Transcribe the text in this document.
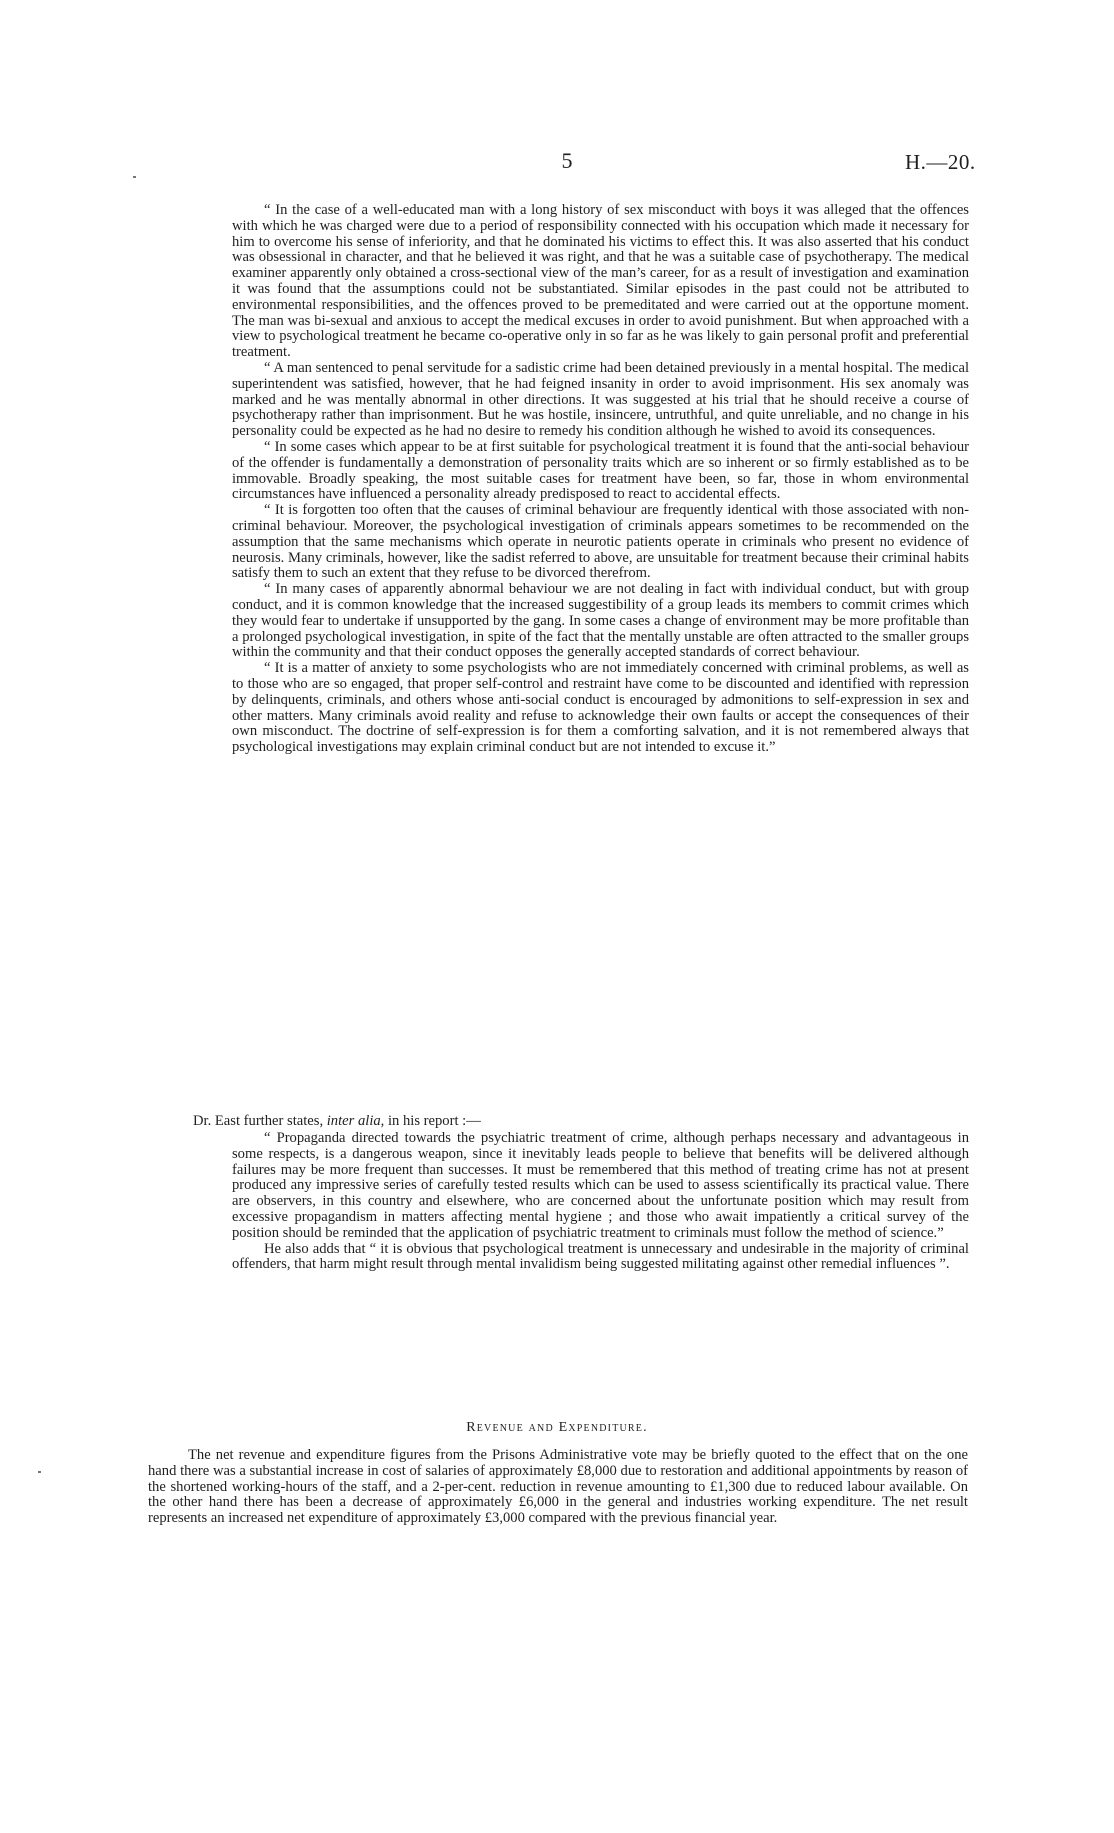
5	H.—20.

“ In the case of a well-educated man with a long history of sex misconduct with boys it was alleged that the offences with which he was charged were due to a period of responsibility connected with his occupation which made it necessary for him to overcome his sense of inferiority, and that he dominated his victims to effect this. It was also asserted that his conduct was obsessional in character, and that he believed it was right, and that he was a suitable case of psychotherapy. The medical examiner apparently only obtained a cross-sectional view of the man’s career, for as a result of investigation and examination it was found that the assumptions could not be substantiated. Similar episodes in the past could not be attributed to environmental responsibilities, and the offences proved to be premeditated and were carried out at the opportune moment. The man was bi-sexual and anxious to accept the medical excuses in order to avoid punishment. But when approached with a view to psychological treatment he became co-operative only in so far as he was likely to gain personal profit and preferential treatment.

“ A man sentenced to penal servitude for a sadistic crime had been detained previously in a mental hospital. The medical superintendent was satisfied, however, that he had feigned insanity in order to avoid imprisonment. His sex anomaly was marked and he was mentally abnormal in other directions. It was suggested at his trial that he should receive a course of psychotherapy rather than imprisonment. But he was hostile, insincere, untruthful, and quite unreliable, and no change in his personality could be expected as he had no desire to remedy his condition although he wished to avoid its consequences.

“ In some cases which appear to be at first suitable for psychological treatment it is found that the anti-social behaviour of the offender is fundamentally a demonstration of personality traits which are so inherent or so firmly established as to be immovable. Broadly speaking, the most suitable cases for treatment have been, so far, those in whom environmental circumstances have influenced a personality already predisposed to react to accidental effects.

“ It is forgotten too often that the causes of criminal behaviour are frequently identical with those associated with non-criminal behaviour. Moreover, the psychological investigation of criminals appears sometimes to be recommended on the assumption that the same mechanisms which operate in neurotic patients operate in criminals who present no evidence of neurosis. Many criminals, however, like the sadist referred to above, are unsuitable for treatment because their criminal habits satisfy them to such an extent that they refuse to be divorced therefrom.

“ In many cases of apparently abnormal behaviour we are not dealing in fact with individual conduct, but with group conduct, and it is common knowledge that the increased suggestibility of a group leads its members to commit crimes which they would fear to undertake if unsupported by the gang. In some cases a change of environment may be more profitable than a prolonged psychological investigation, in spite of the fact that the mentally unstable are often attracted to the smaller groups within the community and that their conduct opposes the generally accepted standards of correct behaviour.

“ It is a matter of anxiety to some psychologists who are not immediately concerned with criminal problems, as well as to those who are so engaged, that proper self-control and restraint have come to be discounted and identified with repression by delinquents, criminals, and others whose anti-social conduct is encouraged by admonitions to self-expression in sex and other matters. Many criminals avoid reality and refuse to acknowledge their own faults or accept the consequences of their own misconduct. The doctrine of self-expression is for them a comforting salvation, and it is not remembered always that psychological investigations may explain criminal conduct but are not intended to excuse it.”

Dr. East further states, inter alia, in his report :—

“ Propaganda directed towards the psychiatric treatment of crime, although perhaps necessary and advantageous in some respects, is a dangerous weapon, since it inevitably leads people to believe that benefits will be delivered although failures may be more frequent than successes. It must be remembered that this method of treating crime has not at present produced any impressive series of carefully tested results which can be used to assess scientifically its practical value. There are observers, in this country and elsewhere, who are concerned about the unfortunate position which may result from excessive propagandism in matters affecting mental hygiene ; and those who await impatiently a critical survey of the position should be reminded that the application of psychiatric treatment to criminals must follow the method of science.”

He also adds that “ it is obvious that psychological treatment is unnecessary and undesirable in the majority of criminal offenders, that harm might result through mental invalidism being suggested militating against other remedial influences ”.

Revenue and Expenditure.

The net revenue and expenditure figures from the Prisons Administrative vote may be briefly quoted to the effect that on the one hand there was a substantial increase in cost of salaries of approximately £8,000 due to restoration and additional appointments by reason of the shortened working-hours of the staff, and a 2-per-cent. reduction in revenue amounting to £1,300 due to reduced labour available. On the other hand there has been a decrease of approximately £6,000 in the general and industries working expenditure. The net result represents an increased net expenditure of approximately £3,000 compared with the previous financial year.
